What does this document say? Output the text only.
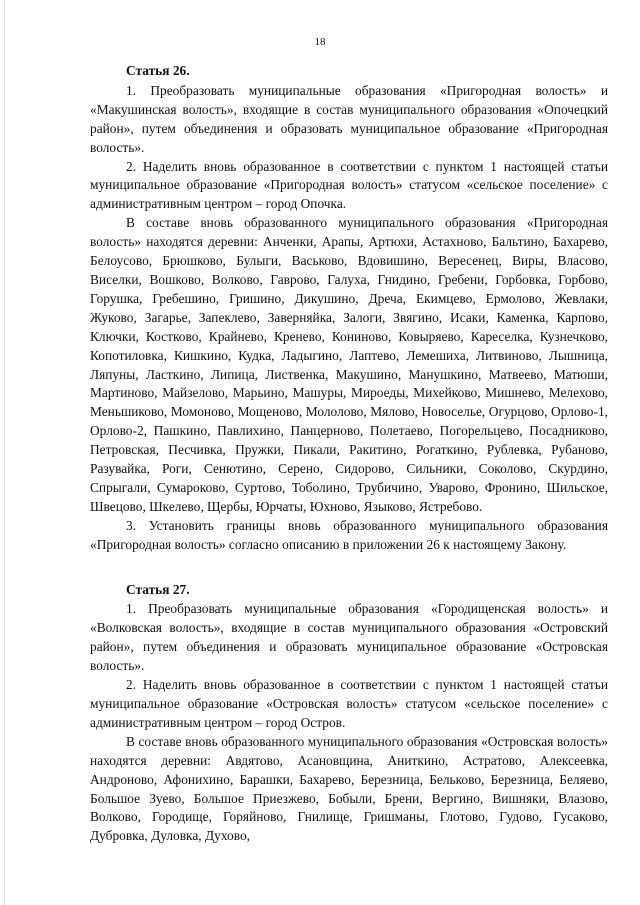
18
Статья 26.

1. Преобразовать муниципальные образования «Пригородная волость» и «Макушинская волость», входящие в состав муниципального образования «Опочецкий район», путем объединения и образовать муниципальное образование «Пригородная волость».

2. Наделить вновь образованное в соответствии с пунктом 1 настоящей статьи муниципальное образование «Пригородная волость» статусом «сельское поселение» с административным центром – город Опочка.

В составе вновь образованного муниципального образования «Пригородная волость» находятся деревни: Анченки, Арапы, Артюхи, Астахново, Бальтино, Бахарево, Белоусово, Брюшково, Булыги, Васьково, Вдовишино, Вересенец, Виры, Власово, Виселки, Вошково, Волково, Гаврово, Галуха, Гнидино, Гребени, Горбовка, Горбово, Горушка, Гребешино, Гришино, Дикушино, Дреча, Екимцево, Ермолово, Жевлаки, Жуково, Загарье, Запеклево, Заверняйка, Залоги, Звягино, Исаки, Каменка, Карпово, Ключки, Костково, Крайнево, Кренево, Кониново, Ковыряево, Кареселка, Кузнечково, Копотиловка, Кишкино, Кудка, Ладыгино, Лаптево, Лемешиха, Литвиново, Лышница, Ляпуны, Ласткино, Липица, Лиственка, Макушино, Манушкино, Матвеево, Матюши, Мартиново, Майзелово, Марьино, Машуры, Мироеды, Михейково, Мишнево, Мелехово, Меньшиково, Момоново, Мощеново, Мололово, Мялово, Новоселье, Огурцово, Орлово-1, Орлово-2, Пашкино, Павлихино, Панцерново, Полетаево, Погорельцево, Посадниково, Петровская, Песчивка, Пружки, Пикали, Ракитино, Рогаткино, Рублевка, Рубаново, Разувайка, Роги, Сенютино, Серено, Сидорово, Сильники, Соколово, Скурдино, Спрыгали, Сумароково, Суртово, Тоболино, Трубичино, Уварово, Фронино, Шильское, Швецово, Шкелево, Щербы, Юрчаты, Юхново, Языково, Ястребово.

3. Установить границы вновь образованного муниципального образования «Пригородная волость» согласно описанию в приложении 26 к настоящему Закону.

Статья 27.

1. Преобразовать муниципальные образования «Городищенская волость» и «Волковская волость», входящие в состав муниципального образования «Островский район», путем объединения и образовать муниципальное образование «Островская волость».

2. Наделить вновь образованное в соответствии с пунктом 1 настоящей статьи муниципальное образование «Островская волость» статусом «сельское поселение» с административным центром – город Остров.

В составе вновь образованного муниципального образования «Островская волость» находятся деревни: Авдятово, Асановщина, Аниткино, Астратово, Алексеевка, Андроново, Афонихино, Барашки, Бахарево, Березница, Бельково, Березница, Беляево, Большое Зуево, Большое Приезжево, Бобыли, Брени, Вергино, Вишняки, Влазово, Волково, Городище, Горяйново, Гнилище, Гришманы, Глотово, Гудово, Гусаково, Дубровка, Дуловка, Духово,
